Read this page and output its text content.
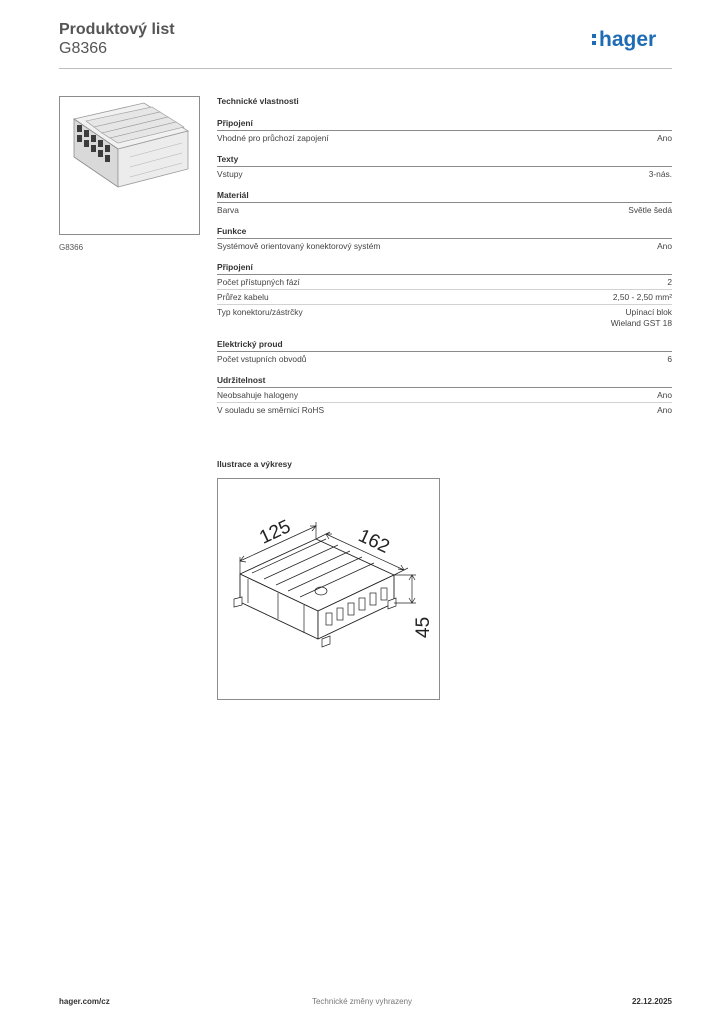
Produktový list
G8366	hager
G8366
Technické vlastnosti
Připojení
Vhodné pro průchozí zapojení	Ano
Texty
Vstupy	3-nás.
Materiál
Barva	Světle šedá
Funkce
Systémově orientovaný konektorový systém	Ano
Připojení
Počet přístupných fází	2
Průřez kabelu	2,50 - 2,50 mm²
Typ konektoru/zástrčky	Upínací blok
Wieland GST 18
Elektrický proud
Počet vstupních obvodů	6
Udržitelnost
Neobsahuje halogeny	Ano
V souladu se směrnicí RoHS	Ano
Ilustrace a výkresy
125	162
45
hager.com/cz	Technické změny vyhrazeny	22.12.2025
